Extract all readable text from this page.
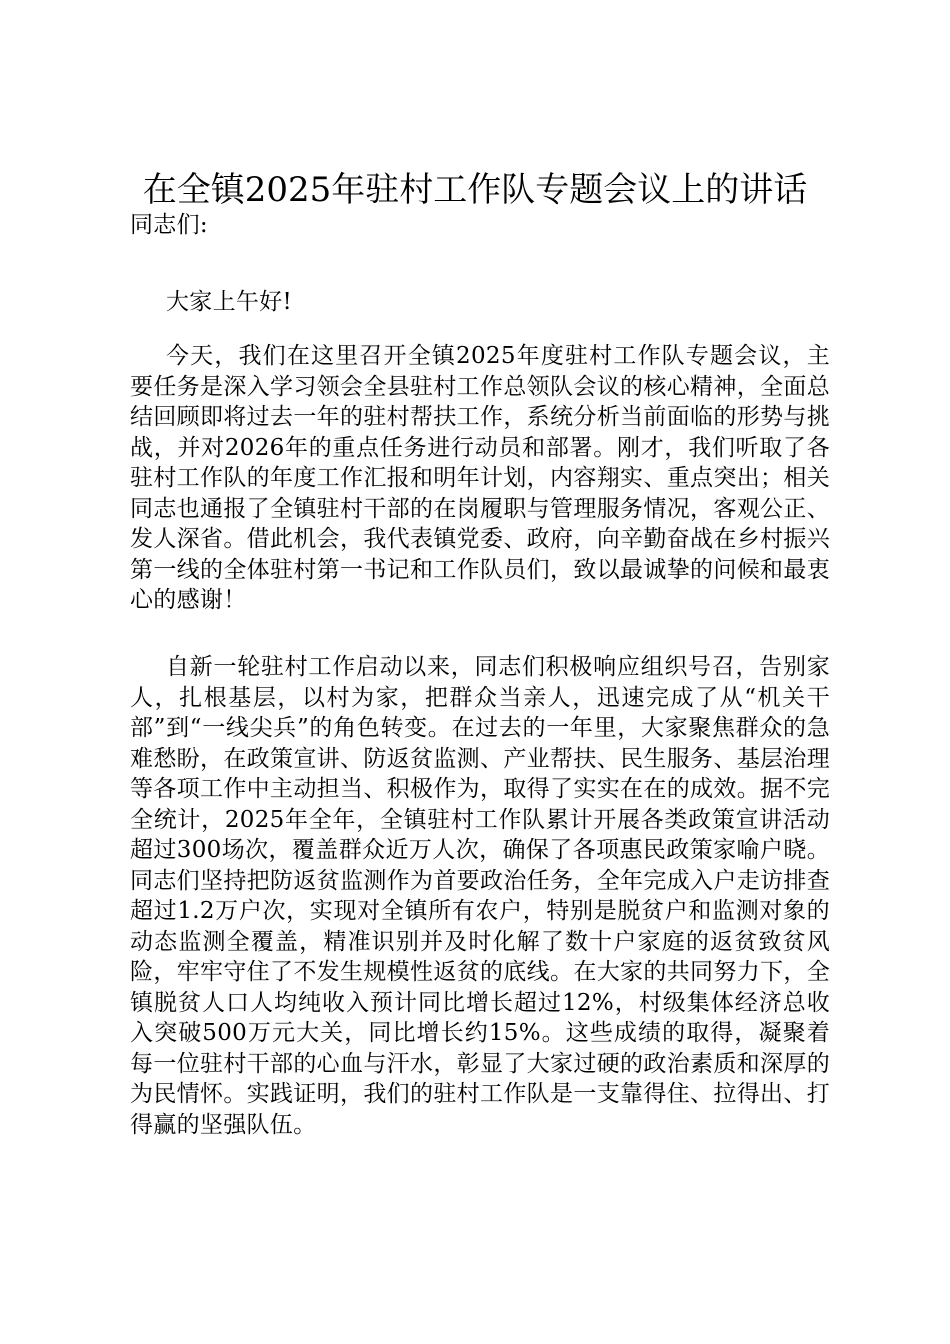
在全镇2025年驻村工作队专题会议上的讲话

同志们:

大家上午好!

今天，我们在这里召开全镇2025年度驻村工作队专题会议，主要任务是深入学习领会全县驻村工作总领队会议的核心精神，全面总结回顾即将过去一年的驻村帮扶工作，系统分析当前面临的形势与挑战，并对2026年的重点任务进行动员和部署。刚才，我们听取了各驻村工作队的年度工作汇报和明年计划，内容翔实、重点突出；相关同志也通报了全镇驻村干部的在岗履职与管理服务情况，客观公正、发人深省。借此机会，我代表镇党委、政府，向辛勤奋战在乡村振兴第一线的全体驻村第一书记和工作队员们，致以最诚挚的问候和最衷心的感谢！

自新一轮驻村工作启动以来，同志们积极响应组织号召，告别家人，扎根基层，以村为家，把群众当亲人，迅速完成了从“机关干部”到“一线尖兵”的角色转变。在过去的一年里，大家聚焦群众的急难愁盼，在政策宣讲、防返贫监测、产业帮扶、民生服务、基层治理等各项工作中主动担当、积极作为，取得了实实在在的成效。据不完全统计，2025年全年，全镇驻村工作队累计开展各类政策宣讲活动超过300场次，覆盖群众近万人次，确保了各项惠民政策家喻户晓。同志们坚持把防返贫监测作为首要政治任务，全年完成入户走访排查超过1.2万户次，实现对全镇所有农户，特别是脱贫户和监测对象的动态监测全覆盖，精准识别并及时化解了数十户家庭的返贫致贫风险，牢牢守住了不发生规模性返贫的底线。在大家的共同努力下，全镇脱贫人口人均纯收入预计同比增长超过12%，村级集体经济总收入突破500万元大关，同比增长约15%。这些成绩的取得，凝聚着每一位驻村干部的心血与汗水，彰显了大家过硬的政治素质和深厚的为民情怀。实践证明，我们的驻村工作队是一支靠得住、拉得出、打得赢的坚强队伍。
